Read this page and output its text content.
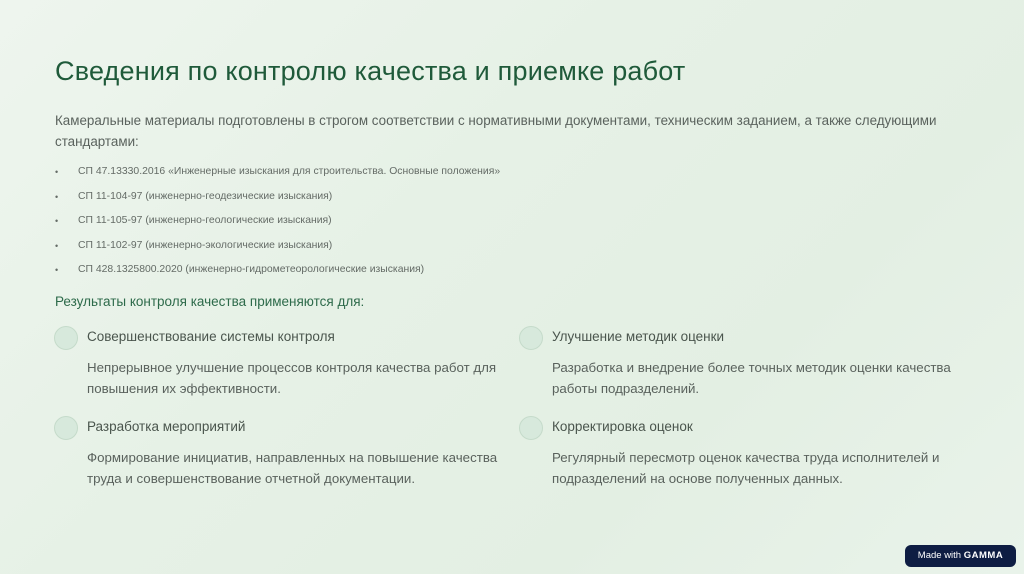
Сведения по контролю качества и приемке работ
Камеральные материалы подготовлены в строгом соответствии с нормативными документами, техническим заданием, а также следующими стандартами:
• СП 47.13330.2016 «Инженерные изыскания для строительства. Основные положения»
• СП 11-104-97 (инженерно-геодезические изыскания)
• СП 11-105-97 (инженерно-геологические изыскания)
• СП 11-102-97 (инженерно-экологические изыскания)
• СП 428.1325800.2020 (инженерно-гидрометеорологические изыскания)
Результаты контроля качества применяются для:
Совершенствование системы контроля
Непрерывное улучшение процессов контроля качества работ для повышения их эффективности.
Улучшение методик оценки
Разработка и внедрение более точных методик оценки качества работы подразделений.
Разработка мероприятий
Формирование инициатив, направленных на повышение качества труда и совершенствование отчетной документации.
Корректировка оценок
Регулярный пересмотр оценок качества труда исполнителей и подразделений на основе полученных данных.
Made with GAMMA
